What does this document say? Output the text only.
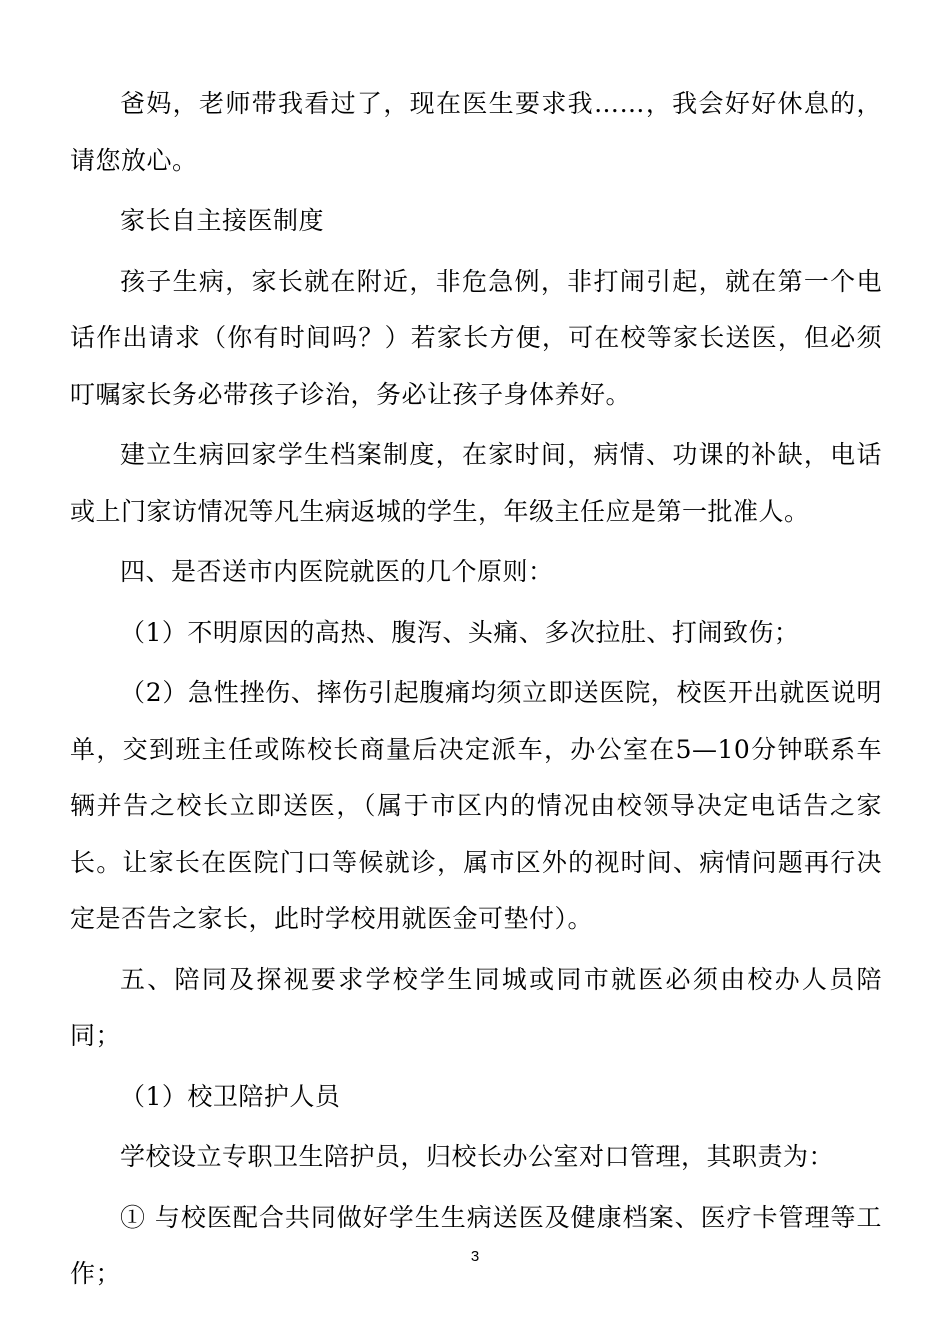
爸妈，老师带我看过了，现在医生要求我……，我会好好休息的，请您放心。

家长自主接医制度

孩子生病，家长就在附近，非危急例，非打闹引起，就在第一个电话作出请求（你有时间吗？）若家长方便，可在校等家长送医，但必须叮嘱家长务必带孩子诊治，务必让孩子身体养好。

建立生病回家学生档案制度，在家时间，病情、功课的补缺，电话或上门家访情况等凡生病返城的学生，年级主任应是第一批准人。

四、是否送市内医院就医的几个原则：

（1）不明原因的高热、腹泻、头痛、多次拉肚、打闹致伤；

（2）急性挫伤、摔伤引起腹痛均须立即送医院，校医开出就医说明单，交到班主任或陈校长商量后决定派车，办公室在5—10分钟联系车辆并告之校长立即送医，（属于市区内的情况由校领导决定电话告之家长。让家长在医院门口等候就诊，属市区外的视时间、病情问题再行决定是否告之家长，此时学校用就医金可垫付）。

五、陪同及探视要求学校学生同城或同市就医必须由校办人员陪同；

（1）校卫陪护人员

学校设立专职卫生陪护员，归校长办公室对口管理，其职责为：

① 与校医配合共同做好学生生病送医及健康档案、医疗卡管理等工作；

3
